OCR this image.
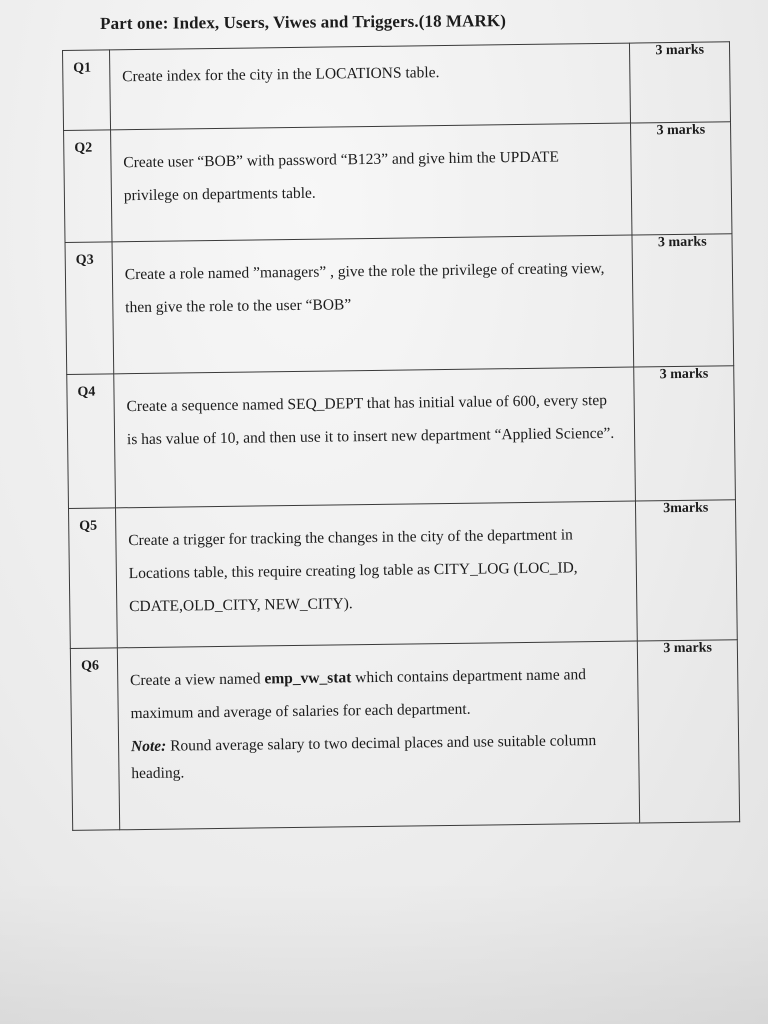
Part one: Index, Users, Viwes and Triggers.(18 MARK)
Q1	Create index for the city in the LOCATIONS table.	3 marks
Q2	Create user “BOB” with password “B123” and give him the UPDATE
privilege on departments table.	3 marks
Q3	Create a role named ”managers” , give the role the privilege of creating view,
then give the role to the user “BOB”	3 marks
Q4	Create a sequence named SEQ_DEPT that has initial value of 600, every step
is has value of 10, and then use it to insert new department “Applied Science”.	3 marks
Q5	Create a trigger for tracking the changes in the city of the department in
Locations table, this require creating log table as CITY_LOG (LOC_ID,
CDATE,OLD_CITY, NEW_CITY).	3marks
Q6	Create a view named emp_vw_stat which contains department name and
maximum and average of salaries for each department.
Note: Round average salary to two decimal places and use suitable column
heading.	3 marks
